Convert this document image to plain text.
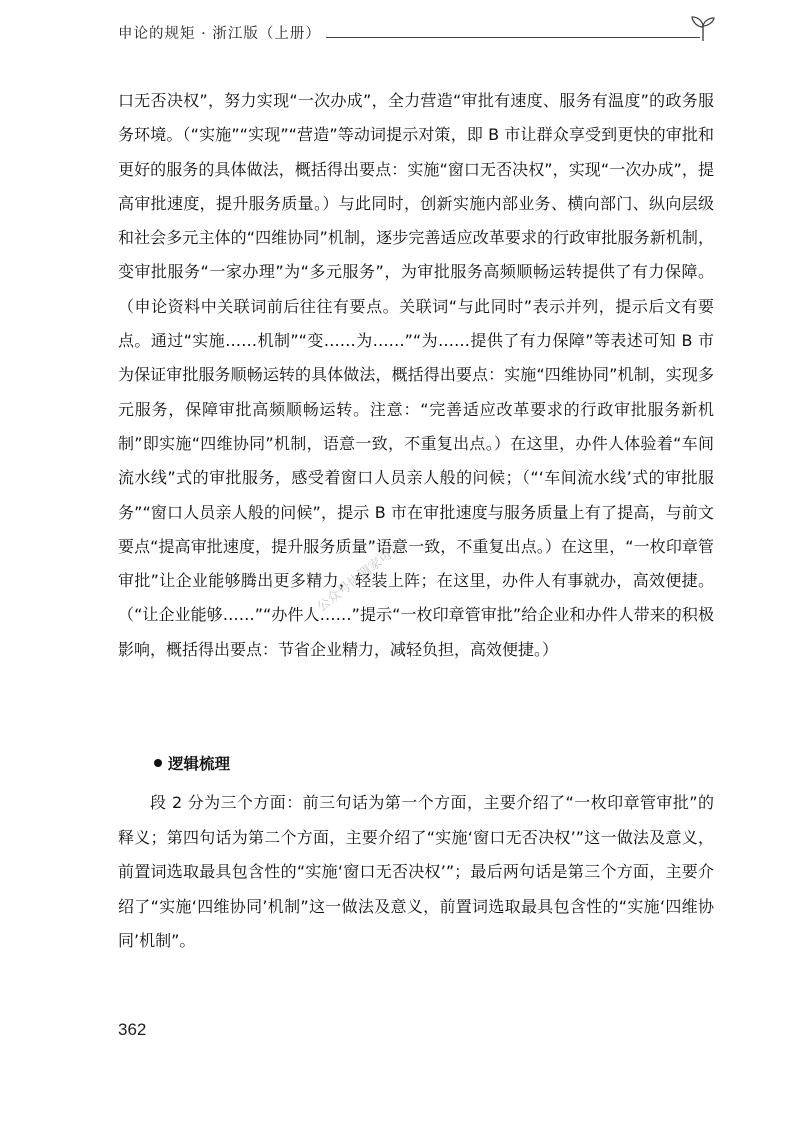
申论的规矩 · 浙江版（上册）
公众号协调家可以

口无否决权”，努力实现“一次办成”，全力营造“审批有速度、服务有温度”的政务服务环境。（“实施”“实现”“营造”等动词提示对策，即 B 市让群众享受到更快的审批和更好的服务的具体做法，概括得出要点：实施“窗口无否决权”，实现“一次办成”，提高审批速度，提升服务质量。）与此同时，创新实施内部业务、横向部门、纵向层级和社会多元主体的“四维协同”机制，逐步完善适应改革要求的行政审批服务新机制，变审批服务“一家办理”为“多元服务”，为审批服务高频顺畅运转提供了有力保障。（申论资料中关联词前后往往有要点。关联词“与此同时”表示并列，提示后文有要点。通过“实施……机制”“变……为……”“为……提供了有力保障”等表述可知 B 市为保证审批服务顺畅运转的具体做法，概括得出要点：实施“四维协同”机制，实现多元服务，保障审批高频顺畅运转。注意：“完善适应改革要求的行政审批服务新机制”即实施“四维协同”机制，语意一致，不重复出点。）在这里，办件人体验着“车间流水线”式的审批服务，感受着窗口人员亲人般的问候；（“‘车间流水线’式的审批服务”“窗口人员亲人般的问候”，提示 B 市在审批速度与服务质量上有了提高，与前文要点“提高审批速度，提升服务质量”语意一致，不重复出点。）在这里，“一枚印章管审批”让企业能够腾出更多精力，轻装上阵；在这里，办件人有事就办，高效便捷。（“让企业能够……”“办件人……”提示“一枚印章管审批”给企业和办件人带来的积极影响，概括得出要点：节省企业精力，减轻负担，高效便捷。）

逻辑梳理

段 2 分为三个方面：前三句话为第一个方面，主要介绍了“一枚印章管审批”的释义；第四句话为第二个方面，主要介绍了“实施‘窗口无否决权’”这一做法及意义，前置词选取最具包含性的“实施‘窗口无否决权’”；最后两句话是第三个方面，主要介绍了“实施‘四维协同’机制”这一做法及意义，前置词选取最具包含性的“实施‘四维协同’机制”。

362
